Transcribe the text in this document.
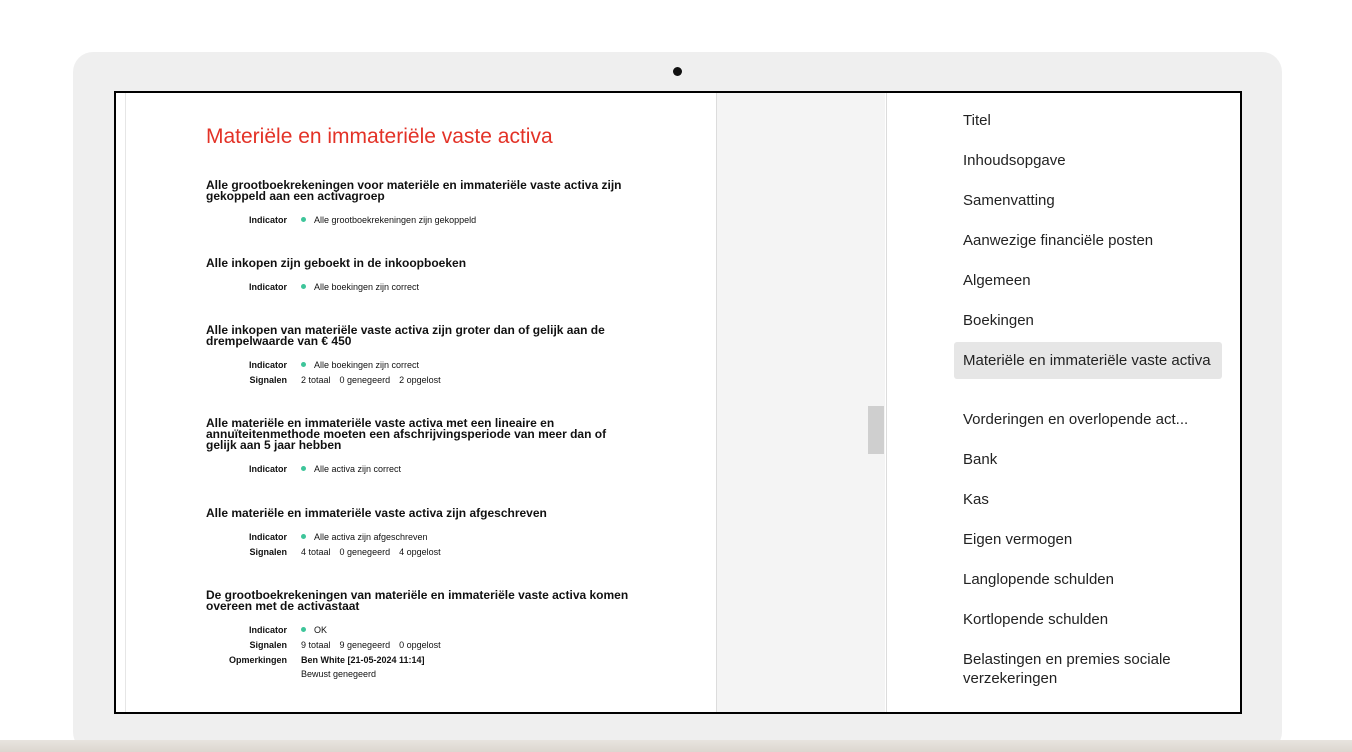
Materiële en immateriële vaste activa

Alle grootboekrekeningen voor materiële en immateriële vaste activa zijn gekoppeld aan een activagroep

Indicator	Alle grootboekrekeningen zijn gekoppeld

Alle inkopen zijn geboekt in de inkoopboeken

Indicator	Alle boekingen zijn correct

Alle inkopen van materiële vaste activa zijn groter dan of gelijk aan de drempelwaarde van € 450

Indicator	Alle boekingen zijn correct
Signalen	2 totaal 0 genegeerd 2 opgelost

Alle materiële en immateriële vaste activa met een lineaire en annuïteitenmethode moeten een afschrijvingsperiode van meer dan of gelijk aan 5 jaar hebben

Indicator	Alle activa zijn correct

Alle materiële en immateriële vaste activa zijn afgeschreven

Indicator	Alle activa zijn afgeschreven
Signalen	4 totaal 0 genegeerd 4 opgelost

De grootboekrekeningen van materiële en immateriële vaste activa komen overeen met de activastaat

Indicator	OK
Signalen	9 totaal 9 genegeerd 0 opgelost
Opmerkingen	Ben White [21-05-2024 11:14]
Bewust genegeerd
Titel
Inhoudsopgave
Samenvatting
Aanwezige financiële posten
Algemeen
Boekingen
Materiële en immateriële vaste activa
Vorderingen en overlopende act...
Bank
Kas
Eigen vermogen
Langlopende schulden
Kortlopende schulden
Belastingen en premies sociale verzekeringen
